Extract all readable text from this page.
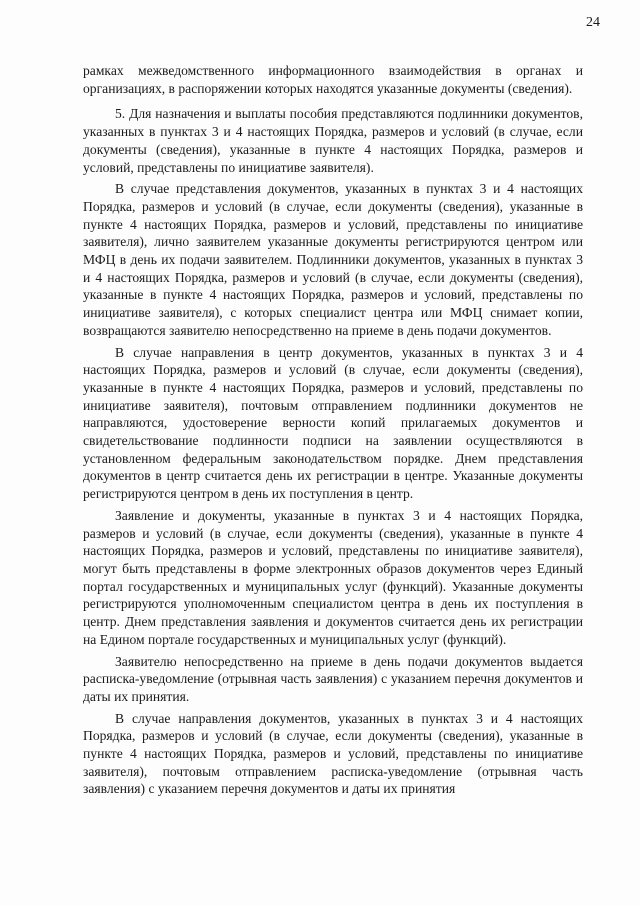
24

рамках межведомственного информационного взаимодействия в органах и организациях, в распоряжении которых находятся указанные документы (сведения).

5. Для назначения и выплаты пособия представляются подлинники документов, указанных в пунктах 3 и 4 настоящих Порядка, размеров и условий (в случае, если документы (сведения), указанные в пункте 4 настоящих Порядка, размеров и условий, представлены по инициативе заявителя).

В случае представления документов, указанных в пунктах 3 и 4 настоящих Порядка, размеров и условий (в случае, если документы (сведения), указанные в пункте 4 настоящих Порядка, размеров и условий, представлены по инициативе заявителя), лично заявителем указанные документы регистрируются центром или МФЦ в день их подачи заявителем. Подлинники документов, указанных в пунктах 3 и 4 настоящих Порядка, размеров и условий (в случае, если документы (сведения), указанные в пункте 4 настоящих Порядка, размеров и условий, представлены по инициативе заявителя), с которых специалист центра или МФЦ снимает копии, возвращаются заявителю непосредственно на приеме в день подачи документов.

В случае направления в центр документов, указанных в пунктах 3 и 4 настоящих Порядка, размеров и условий (в случае, если документы (сведения), указанные в пункте 4 настоящих Порядка, размеров и условий, представлены по инициативе заявителя), почтовым отправлением подлинники документов не направляются, удостоверение верности копий прилагаемых документов и свидетельствование подлинности подписи на заявлении осуществляются в установленном федеральным законодательством порядке. Днем представления документов в центр считается день их регистрации в центре. Указанные документы регистрируются центром в день их поступления в центр.

Заявление и документы, указанные в пунктах 3 и 4 настоящих Порядка, размеров и условий (в случае, если документы (сведения), указанные в пункте 4 настоящих Порядка, размеров и условий, представлены по инициативе заявителя), могут быть представлены в форме электронных образов документов через Единый портал государственных и муниципальных услуг (функций). Указанные документы регистрируются уполномоченным специалистом центра в день их поступления в центр. Днем представления заявления и документов считается день их регистрации на Едином портале государственных и муниципальных услуг (функций).

Заявителю непосредственно на приеме в день подачи документов выдается расписка-уведомление (отрывная часть заявления) с указанием перечня документов и даты их принятия.

В случае направления документов, указанных в пунктах 3 и 4 настоящих Порядка, размеров и условий (в случае, если документы (сведения), указанные в пункте 4 настоящих Порядка, размеров и условий, представлены по инициативе заявителя), почтовым отправлением расписка-уведомление (отрывная часть заявления) с указанием перечня документов и даты их принятия
